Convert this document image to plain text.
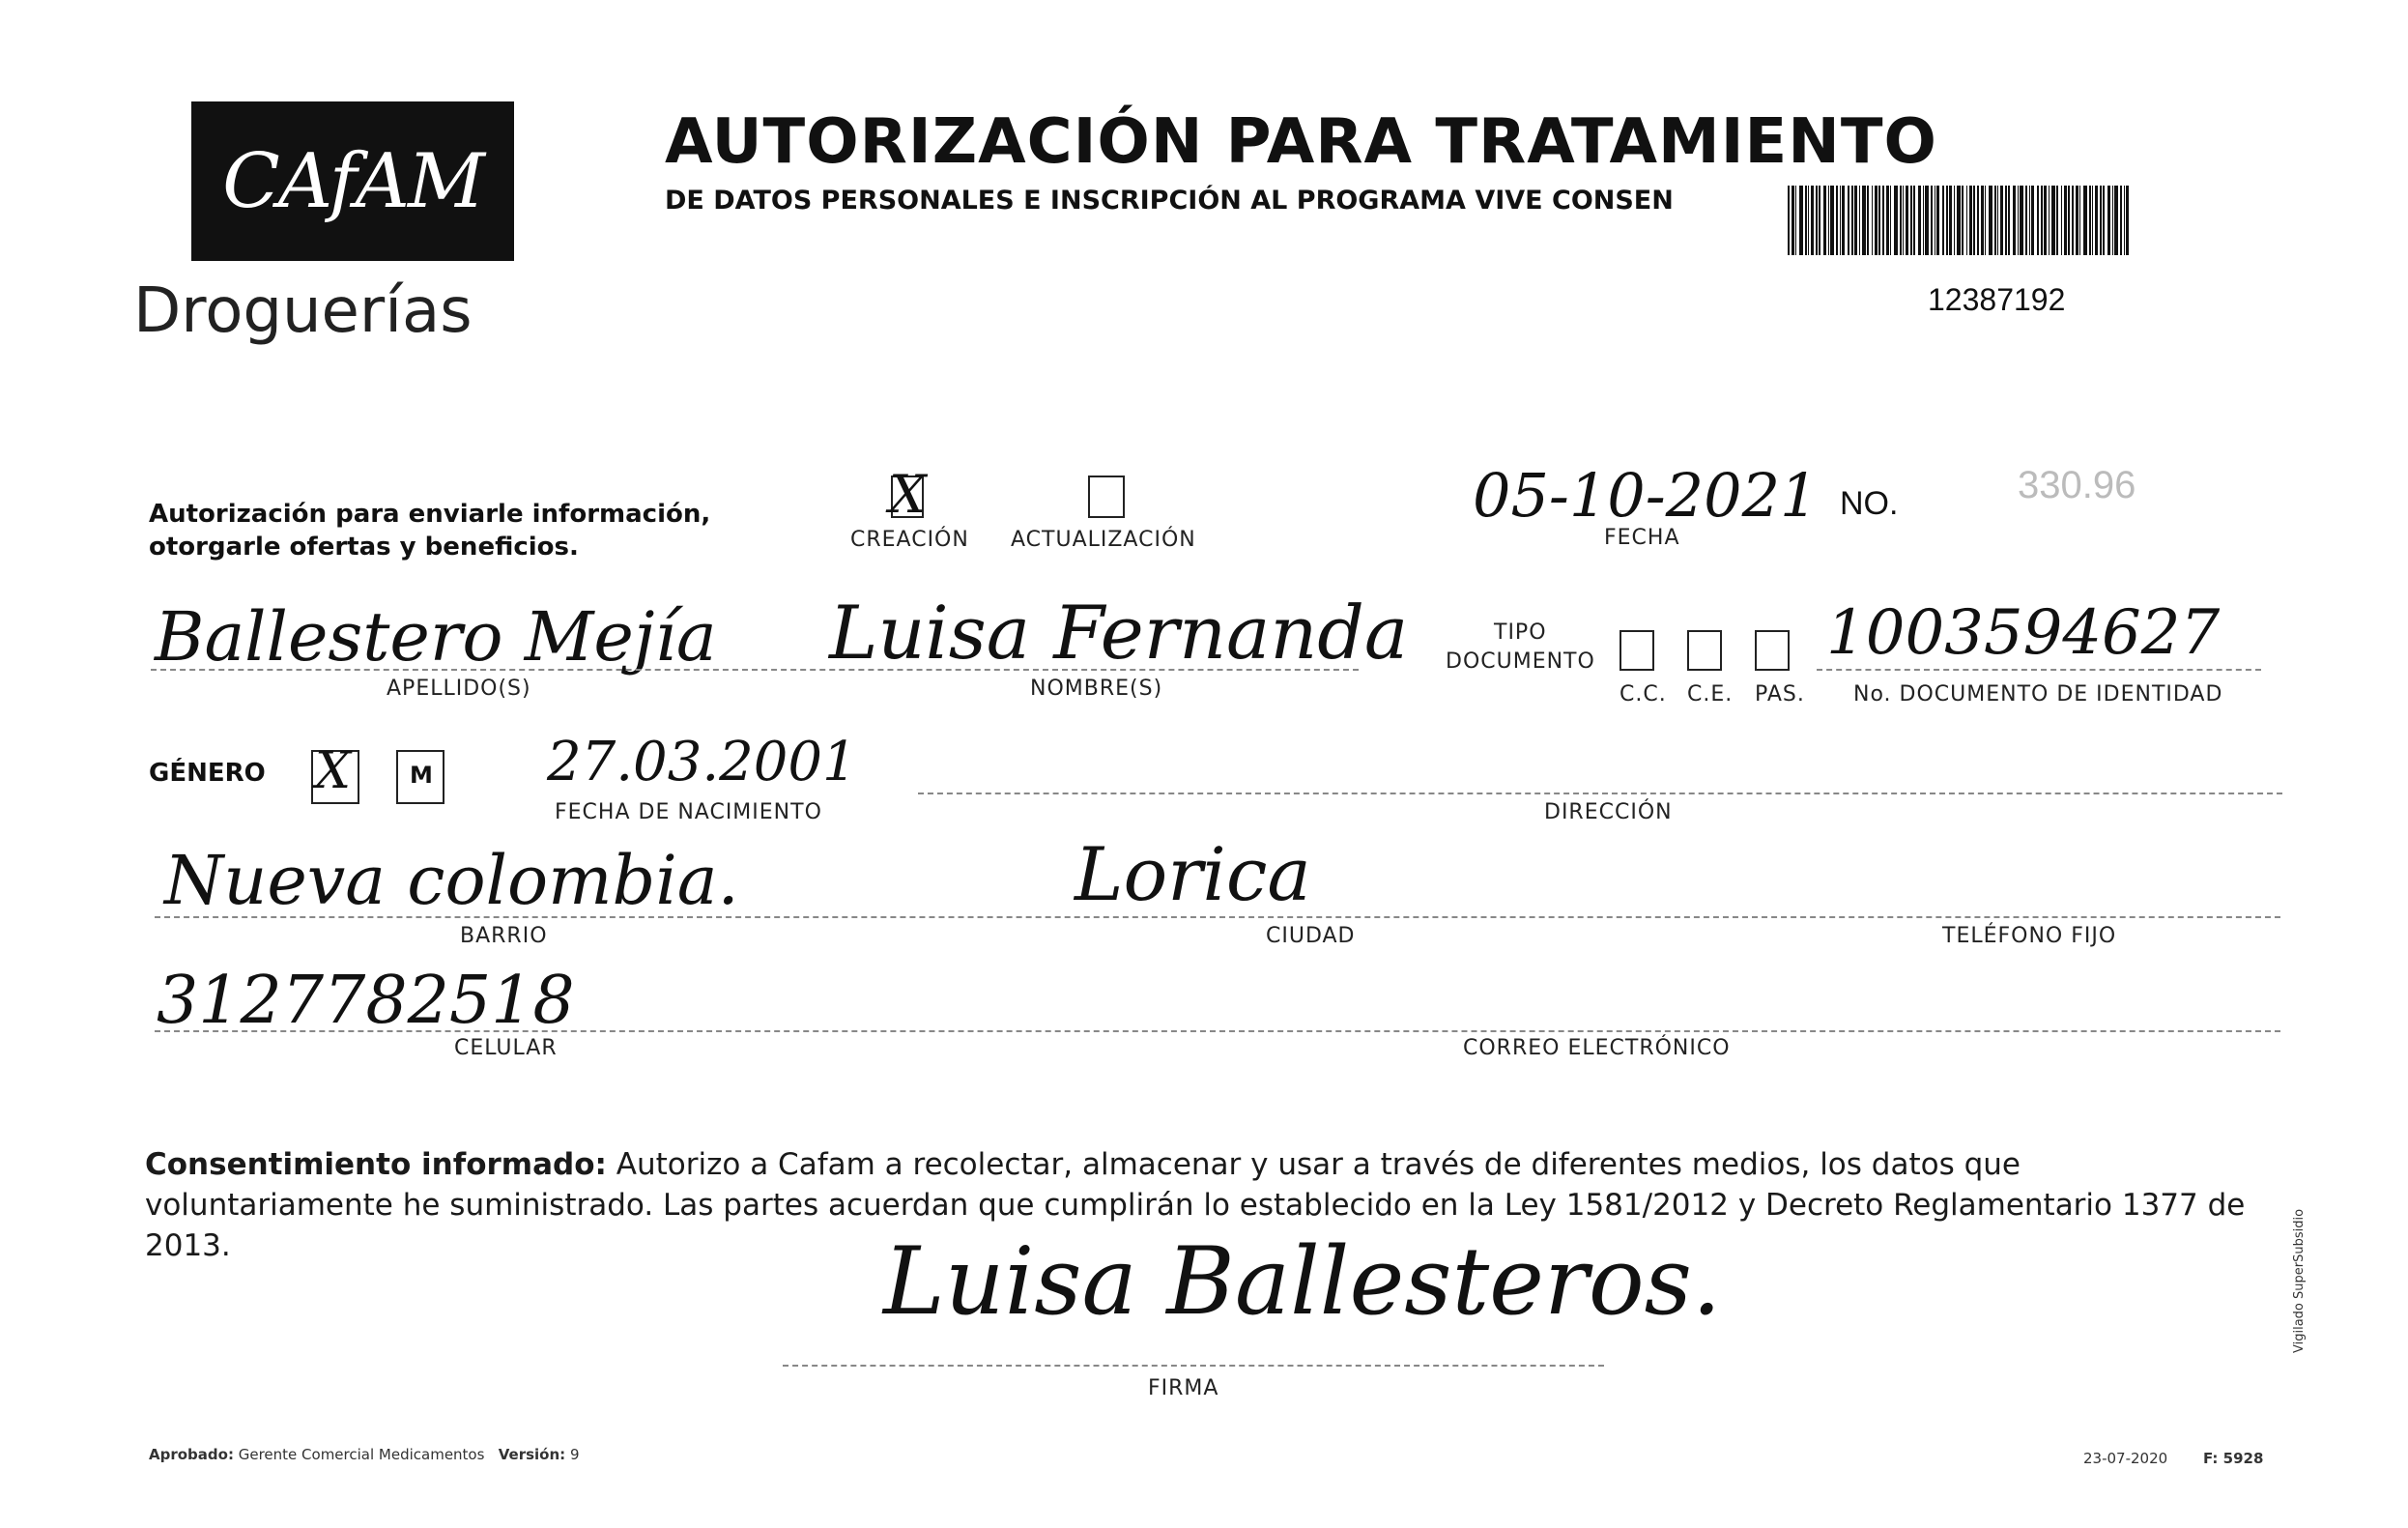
CAfAM
Droguerías
AUTORIZACIÓN PARA TRATAMIENTO
DE DATOS PERSONALES E INSCRIPCIÓN AL PROGRAMA VIVE CONSEN
12387192
Autorización para enviarle información,
otorgarle ofertas y beneficios.
X
CREACIÓN ACTUALIZACIÓN
05-10-2021
FECHA
NO.	330.96
Ballestero Mejía
APELLIDO(S)
Luisa Fernanda
NOMBRE(S)
TIPO
DOCUMENTO
C.C. C.E. PAS.
1003594627
No. DOCUMENTO DE IDENTIDAD
GÉNERO X	M 27.03.2001
FECHA DE NACIMIENTO	DIRECCIÓN
Nueva colombia.
BARRIO
Lorica
CIUDAD	TELÉFONO FIJO
3127782518
CELULAR	CORREO ELECTRÓNICO
Consentimiento informado: Autorizo a Cafam a recolectar, almacenar y usar a través de diferentes medios, los datos que voluntariamente he suministrado. Las partes acuerdan que cumplirán lo establecido en la Ley 1581/2012 y Decreto Reglamentario 1377 de 2013.	Luisa Ballesteros.
FIRMA
Aprobado: Gerente Comercial Medicamentos Versión: 9	23-07-2020 F: 5928
Vigilado SuperSubsidio
